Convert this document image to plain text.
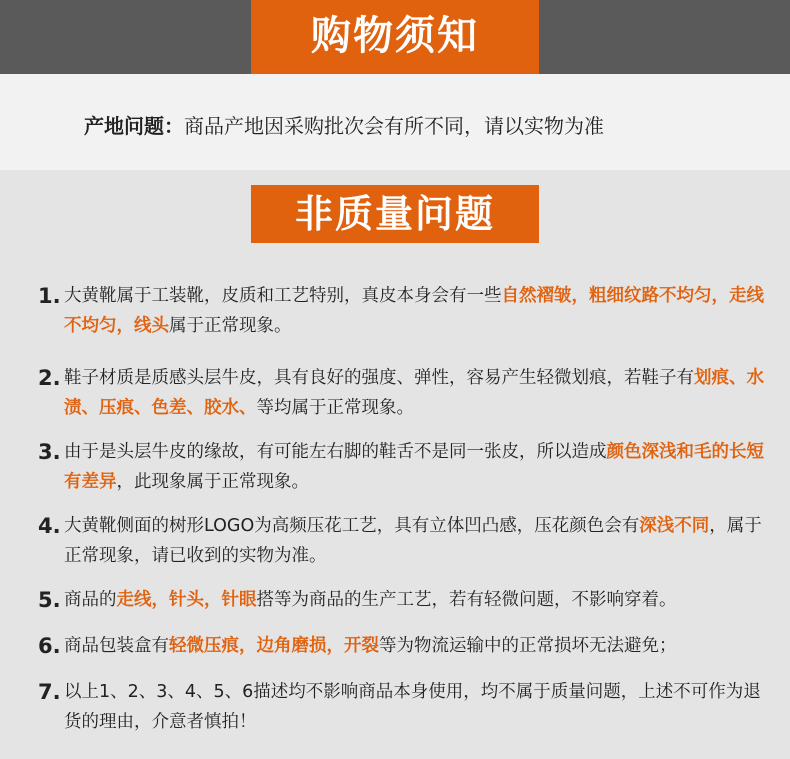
购物须知
产地问题：商品产地因采购批次会有所不同，请以实物为准
非质量问题
1. 大黄靴属于工装靴，皮质和工艺特别，真皮本身会有一些自然褶皱，粗细纹路不均匀，走线不均匀，线头属于正常现象。
2. 鞋子材质是质感头层牛皮，具有良好的强度、弹性，容易产生轻微划痕，若鞋子有划痕、水渍、压痕、色差、胶水、等均属于正常现象。
3. 由于是头层牛皮的缘故，有可能左右脚的鞋舌不是同一张皮，所以造成颜色深浅和毛的长短有差异，此现象属于正常现象。
4. 大黄靴侧面的树形LOGO为高频压花工艺，具有立体凹凸感，压花颜色会有深浅不同，属于正常现象，请已收到的实物为准。
5. 商品的走线，针头，针眼搭等为商品的生产工艺，若有轻微问题，不影响穿着。
6. 商品包装盒有轻微压痕，边角磨损，开裂等为物流运输中的正常损坏无法避免；
7. 以上1、2、3、4、5、6描述均不影响商品本身使用，均不属于质量问题，上述不可作为退货的理由，介意者慎拍！
